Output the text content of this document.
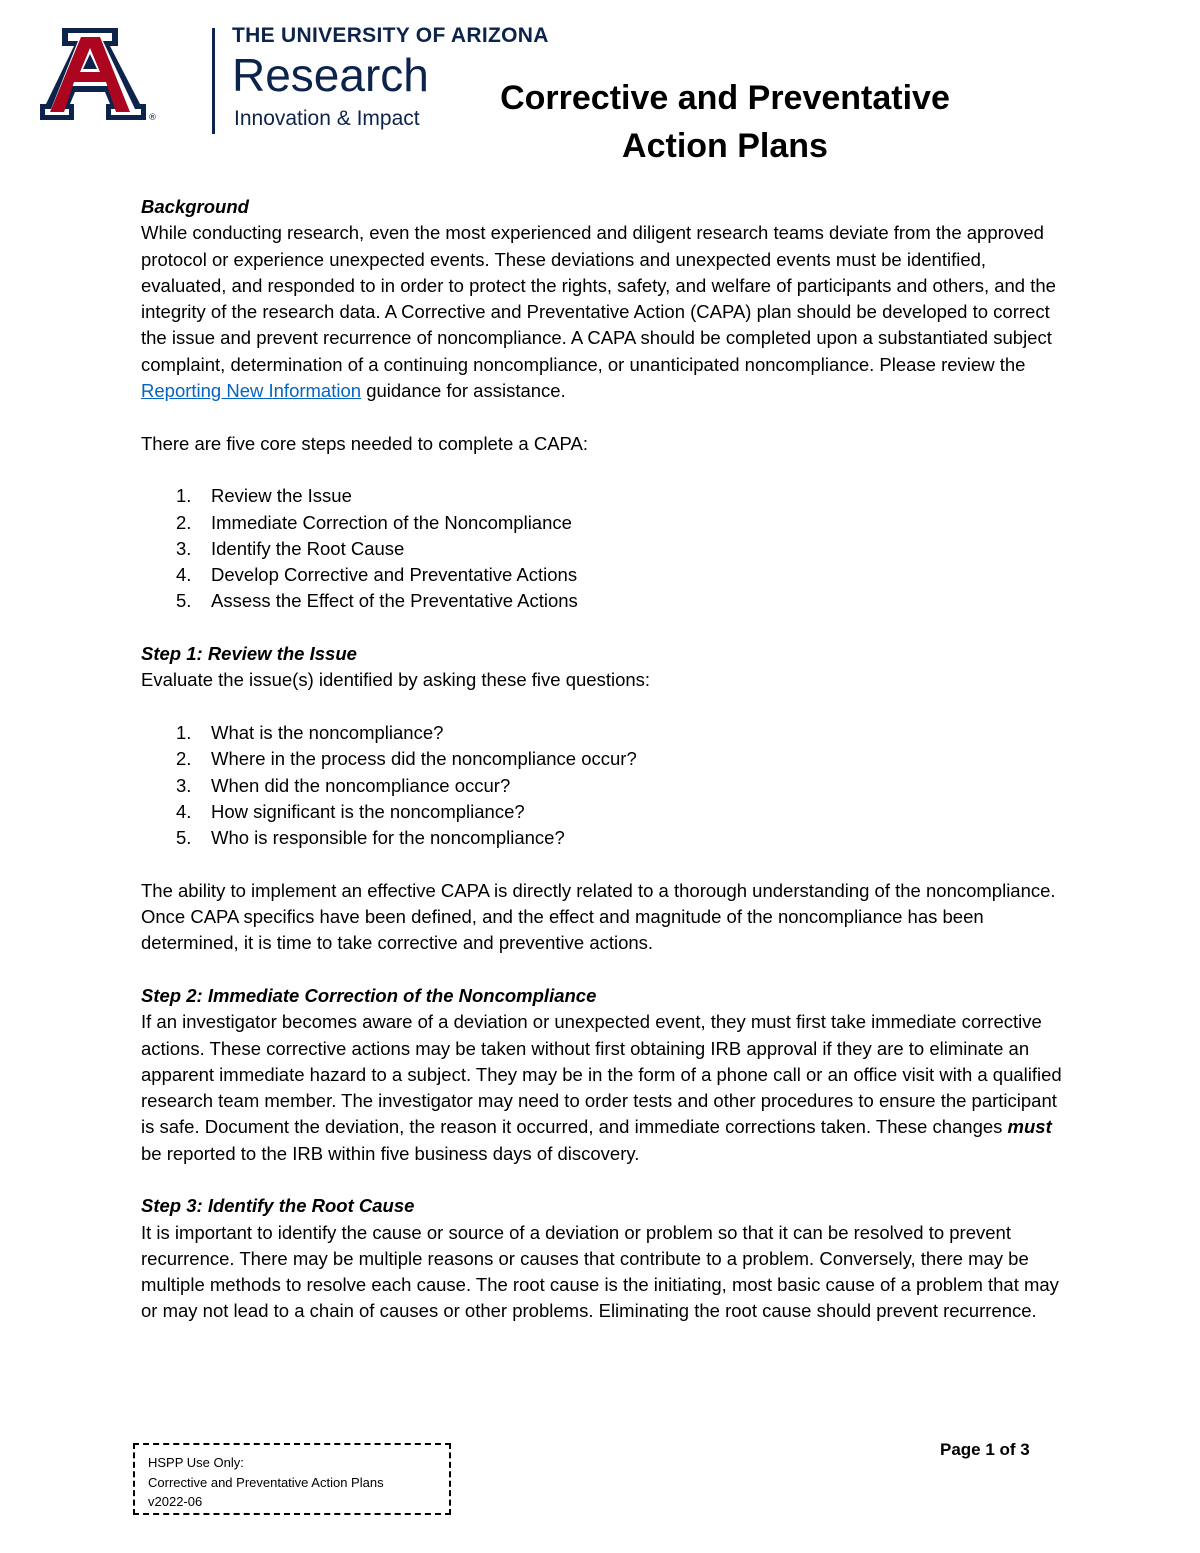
®
THE UNIVERSITY OF ARIZONA
Research
Innovation & Impact
Corrective and Preventative
Action Plans

Background

While conducting research, even the most experienced and diligent research teams deviate from the approved protocol or experience unexpected events. These deviations and unexpected events must be identified, evaluated, and responded to in order to protect the rights, safety, and welfare of participants and others, and the integrity of the research data. A Corrective and Preventative Action (CAPA) plan should be developed to correct the issue and prevent recurrence of noncompliance. A CAPA should be completed upon a substantiated subject complaint, determination of a continuing noncompliance, or unanticipated noncompliance. Please review the Reporting New Information guidance for assistance.

There are five core steps needed to complete a CAPA:

1. Review the Issue
2. Immediate Correction of the Noncompliance
3. Identify the Root Cause
4. Develop Corrective and Preventative Actions
5. Assess the Effect of the Preventative Actions

Step 1: Review the Issue

Evaluate the issue(s) identified by asking these five questions:

1. What is the noncompliance?
2. Where in the process did the noncompliance occur?
3. When did the noncompliance occur?
4. How significant is the noncompliance?
5. Who is responsible for the noncompliance?

The ability to implement an effective CAPA is directly related to a thorough understanding of the noncompliance. Once CAPA specifics have been defined, and the effect and magnitude of the noncompliance has been determined, it is time to take corrective and preventive actions.

Step 2: Immediate Correction of the Noncompliance

If an investigator becomes aware of a deviation or unexpected event, they must first take immediate corrective actions. These corrective actions may be taken without first obtaining IRB approval if they are to eliminate an apparent immediate hazard to a subject. They may be in the form of a phone call or an office visit with a qualified research team member. The investigator may need to order tests and other procedures to ensure the participant is safe. Document the deviation, the reason it occurred, and immediate corrections taken. These changes must be reported to the IRB within five business days of discovery.

Step 3: Identify the Root Cause

It is important to identify the cause or source of a deviation or problem so that it can be resolved to prevent recurrence. There may be multiple reasons or causes that contribute to a problem. Conversely, there may be multiple methods to resolve each cause. The root cause is the initiating, most basic cause of a problem that may or may not lead to a chain of causes or other problems. Eliminating the root cause should prevent recurrence.

HSPP Use Only:
Corrective and Preventative Action Plans
v2022-06
Page 1 of 3
